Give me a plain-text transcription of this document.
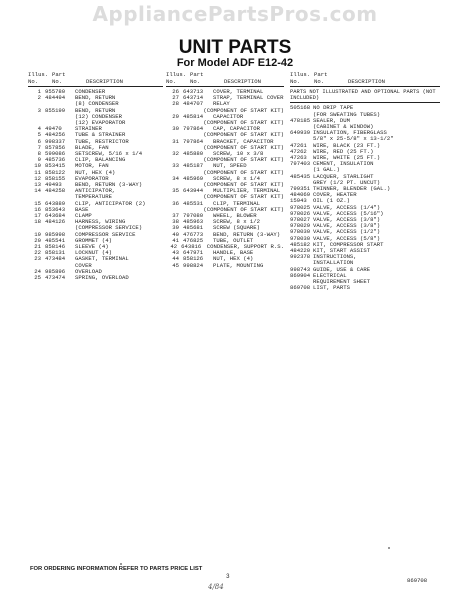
AppliancePartsPros.com
UNIT PARTS
For Model ADF E12-42
Illus. Part
No.	No.	DESCRIPTION
1 955780	CONDENSER
2 484494	BEND, RETURN
(8) CONDENSER
3 855199	BEND, RETURN
(12) CONDENSER
(12) EVAPORATOR
4 49470	STRAINER
5 484256	TUBE & STRAINER
6 998337	TUBE, RESTRICTOR
7 857856	BLADE, FAN
8 599086	SETSCREW, 5/16 x 1/4
9 485736	CLIP, BALANCING
10 853415	MOTOR, FAN
11 858122	NUT, HEX (4)
12 858155	EVAPORATOR
13 49493	BEND, RETURN (3-WAY)
14 484258	ANTICIPATOR,
TEMPERATURE
15 643889	CLIP, ANTICIPATOR (2)
16 853643	BASE
17 643684	CLAMP
18 484126	HARNESS, WIRING
(COMPRESSOR SERVICE)
19 985998	COMPRESSOR SERVICE
20 485541	GROMMET (4)
21 858146	SLEEVE (4)
22 858131	LOCKNUT (4)
23 473484	GASKET, TERMINAL
COVER
24 985896	OVERLOAD
25 473474	SPRING, OVERLOAD
Illus. Part
No.	No.	DESCRIPTION
26 643713	COVER, TERMINAL
27 643714	STRAP, TERMINAL COVER
28 484707	RELAY
(COMPONENT OF START KIT)
29 485814	CAPACITOR
(COMPONENT OF START KIT)
30 797864	CAP, CAPACITOR
(COMPONENT OF START KIT)
31 797864	BRACKET, CAPACITOR
(COMPONENT OF START KIT)
32 485880	SCREW, 10 x 3/8
(COMPONENT OF START KIT)
33 485187	NUT, SPEED
(COMPONENT OF START KIT)
34 485969	SCREW, 8 x 1/4
(COMPONENT OF START KIT)
35 643944	MULTIPLIER, TERMINAL
(COMPONENT OF START KIT)
36 485531	CLIP, TERMINAL
(COMPONENT OF START KIT)
37 797080	WHEEL, BLOWER
38 485963	SCREW, 8 x 1/2
39 485681	SCREW (SQUARE)
40 476773	BEND, RETURN (3-WAY)
41 476825	TUBE, OUTLET
42 643816 CONDENSER, SUPPORT R.S.
43 647971	HANDLE, BASE
44 858126	NUT, HEX (4)
45 998824	PLATE, MOUNTING
Illus. Part
No.	No.	DESCRIPTION
PARTS NOT ILLUSTRATED AND OPTIONAL PARTS (NOT INCLUDED)
505168 NO DRIP TAPE
(FOR SWEATING TUBES)
478185 SEALER, DUM
(CABINET & WINDOW)
649939 INSULATION, FIBERGLASS
5/8" x 25-5/8" x 13-1/2"
47261	WIRE, BLACK (23 FT.)
47262	WIRE, RED (25 FT.)
47263	WIRE, WHITE (25 FT.)
797403 CEMENT, INSULATION
(1 GAL.)
485435 LACQUER, STARLIGHT
GREY (1/2 PT. UNCUT)
799351 THINNER, BLENDER (GAL.)
484069 COVER, HEATER
15943	OIL (1 OZ.)
978025 VALVE, ACCESS (1/4")
978026 VALVE, ACCESS (5/16")
978027 VALVE, ACCESS (3/8")
978029 VALVE, ACCESS (3/8")
978030 VALVE, ACCESS (1/2")
978030 VALVE, ACCESS (5/8")
485182 KIT, COMPRESSOR START
484220 KIT, START ASSIST
992378 INSTRUCTIONS,
INSTALLATION
998743 GUIDE, USE & CARE
869904 ELECTRICAL
REQUIREMENT SHEET
869708 LIST, PARTS
FOR ORDERING INFORMATION REFER TO PARTS PRICE LIST
3
869708
4/84
